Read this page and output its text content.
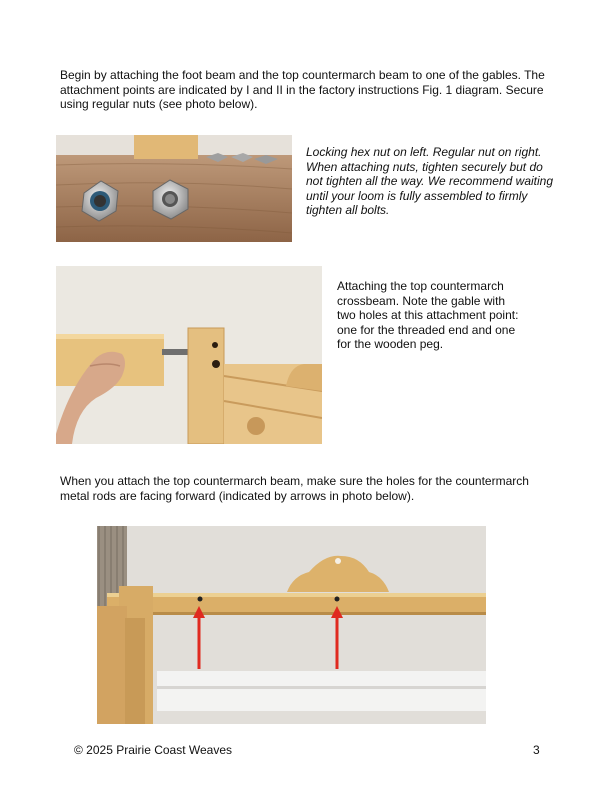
Begin by attaching the foot beam and the top countermarch beam to one of the gables. The attachment points are indicated by I and II in the factory instructions Fig. 1 diagram. Secure using regular nuts (see photo below).

Locking hex nut on left. Regular nut on right. When attaching nuts, tighten securely but do not tighten all the way. We recommend waiting until your loom is fully assembled to firmly tighten all bolts.

Attaching the top countermarch crossbeam. Note the gable with two holes at this attachment point: one for the threaded end and one for the wooden peg.

When you attach the top countermarch beam, make sure the holes for the countermarch metal rods are facing forward (indicated by arrows in photo below).

© 2025 Prairie Coast Weaves	3
